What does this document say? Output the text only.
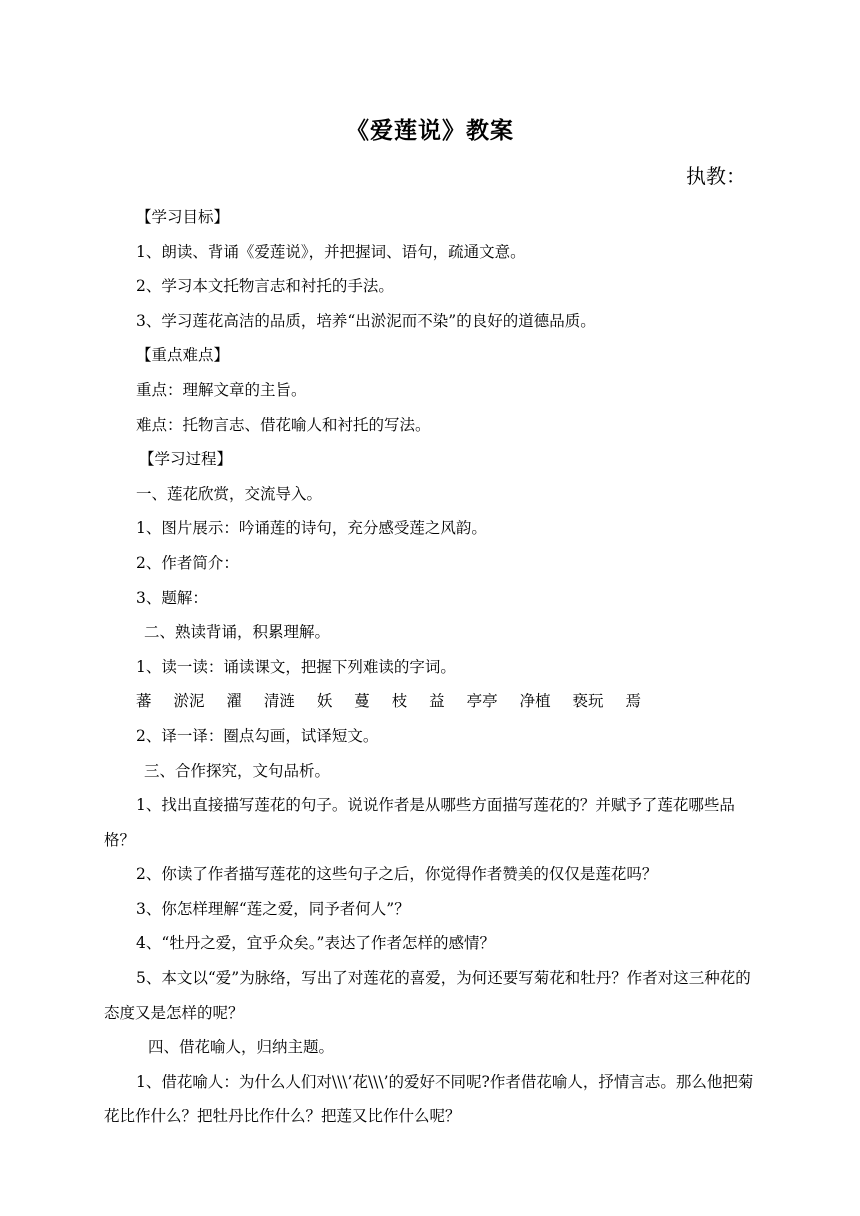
《爱莲说》教案
执教：

【学习目标】

1、朗读、背诵《爱莲说》，并把握词、语句，疏通文意。

2、学习本文托物言志和衬托的手法。

3、学习莲花高洁的品质，培养“出淤泥而不染”的良好的道德品质。

【重点难点】

重点：理解文章的主旨。

难点：托物言志、借花喻人和衬托的写法。

【学习过程】

一、莲花欣赏，交流导入。

1、图片展示：吟诵莲的诗句，充分感受莲之风韵。

2、作者简介：

3、题解：

二、熟读背诵，积累理解。

1、读一读：诵读课文，把握下列难读的字词。

蕃 淤泥 濯 清涟 妖 蔓 枝 益 亭亭 净植 亵玩 焉

2、译一译：圈点勾画，试译短文。

三、合作探究，文句品析。

1、找出直接描写莲花的句子。说说作者是从哪些方面描写莲花的？并赋予了莲花哪些品格？

2、你读了作者描写莲花的这些句子之后，你觉得作者赞美的仅仅是莲花吗？

3、你怎样理解“莲之爱，同予者何人”？

4、“牡丹之爱，宜乎众矣。”表达了作者怎样的感情？

5、本文以“爱”为脉络，写出了对莲花的喜爱，为何还要写菊花和牡丹？作者对这三种花的态度又是怎样的呢？

四、借花喻人，归纳主题。

1、借花喻人：为什么人们对\\\’花\\\’的爱好不同呢?作者借花喻人，抒情言志。那么他把菊花比作什么？把牡丹比作什么？把莲又比作什么呢？
